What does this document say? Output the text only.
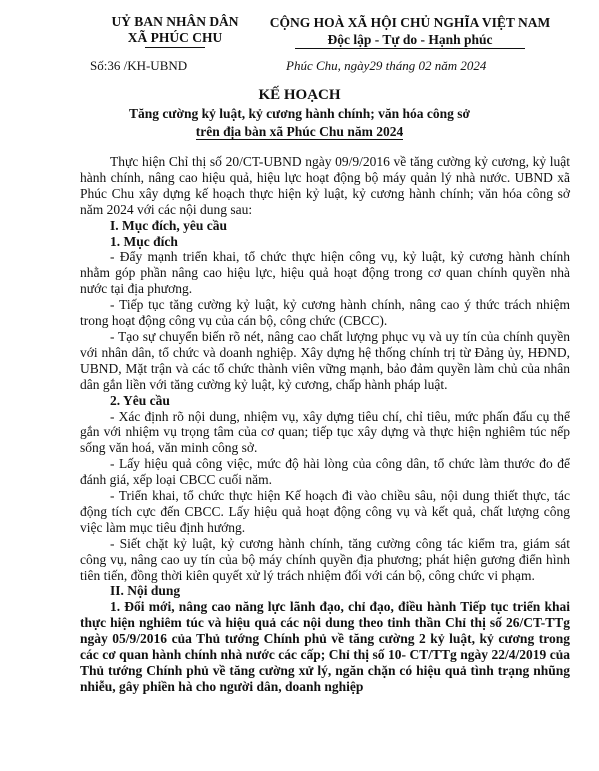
UỶ BAN NHÂN DÂN
XÃ PHÚC CHU
CỘNG HOÀ XÃ HỘI CHỦ NGHĨA VIỆT NAM
Độc lập - Tự do - Hạnh phúc
Số:36 /KH-UBND	Phúc Chu, ngày29 tháng 02 năm 2024
KẾ HOẠCH
Tăng cường kỷ luật, kỷ cương hành chính; văn hóa công sở
trên địa bàn xã Phúc Chu năm 2024

Thực hiện Chỉ thị số 20/CT-UBND ngày 09/9/2016 về tăng cường kỷ cương, kỷ luật hành chính, nâng cao hiệu quả, hiệu lực hoạt động bộ máy quản lý nhà nước. UBND xã Phúc Chu xây dựng kế hoạch thực hiện kỷ luật, kỷ cương hành chính; văn hóa công sở năm 2024 với các nội dung sau:

I. Mục đích, yêu cầu
1. Mục đích

- Đẩy mạnh triển khai, tổ chức thực hiện công vụ, kỷ luật, kỷ cương hành chính nhằm góp phần nâng cao hiệu lực, hiệu quả hoạt động trong cơ quan chính quyền nhà nước tại địa phương.

- Tiếp tục tăng cường kỷ luật, kỷ cương hành chính, nâng cao ý thức trách nhiệm trong hoạt động công vụ của cán bộ, công chức (CBCC).

- Tạo sự chuyển biến rõ nét, nâng cao chất lượng phục vụ và uy tín của chính quyền với nhân dân, tổ chức và doanh nghiệp. Xây dựng hệ thống chính trị từ Đảng ủy, HĐND, UBND, Mặt trận và các tổ chức thành viên vững mạnh, bảo đảm quyền làm chủ của nhân dân gắn liền với tăng cường kỷ luật, kỷ cương, chấp hành pháp luật.

2. Yêu cầu

- Xác định rõ nội dung, nhiệm vụ, xây dựng tiêu chí, chỉ tiêu, mức phấn đấu cụ thể gắn với nhiệm vụ trọng tâm của cơ quan; tiếp tục xây dựng và thực hiện nghiêm túc nếp sống văn hoá, văn minh công sở.

- Lấy hiệu quả công việc, mức độ hài lòng của công dân, tổ chức làm thước đo để đánh giá, xếp loại CBCC cuối năm.

- Triển khai, tổ chức thực hiện Kế hoạch đi vào chiều sâu, nội dung thiết thực, tác động tích cực đến CBCC. Lấy hiệu quả hoạt động công vụ và kết quả, chất lượng công việc làm mục tiêu định hướng.

- Siết chặt kỷ luật, kỷ cương hành chính, tăng cường công tác kiểm tra, giám sát công vụ, nâng cao uy tín của bộ máy chính quyền địa phương; phát hiện gương điển hình tiên tiến, đồng thời kiên quyết xử lý trách nhiệm đối với cán bộ, công chức vi phạm.

II. Nội dung

1. Đổi mới, nâng cao năng lực lãnh đạo, chỉ đạo, điều hành Tiếp tục triển khai thực hiện nghiêm túc và hiệu quả các nội dung theo tinh thần Chỉ thị số 26/CT-TTg ngày 05/9/2016 của Thủ tướng Chính phủ về tăng cường 2 kỷ luật, kỷ cương trong các cơ quan hành chính nhà nước các cấp; Chỉ thị số 10- CT/TTg ngày 22/4/2019 của Thủ tướng Chính phủ về tăng cường xử lý, ngăn chặn có hiệu quả tình trạng nhũng nhiễu, gây phiền hà cho người dân, doanh nghiệp
